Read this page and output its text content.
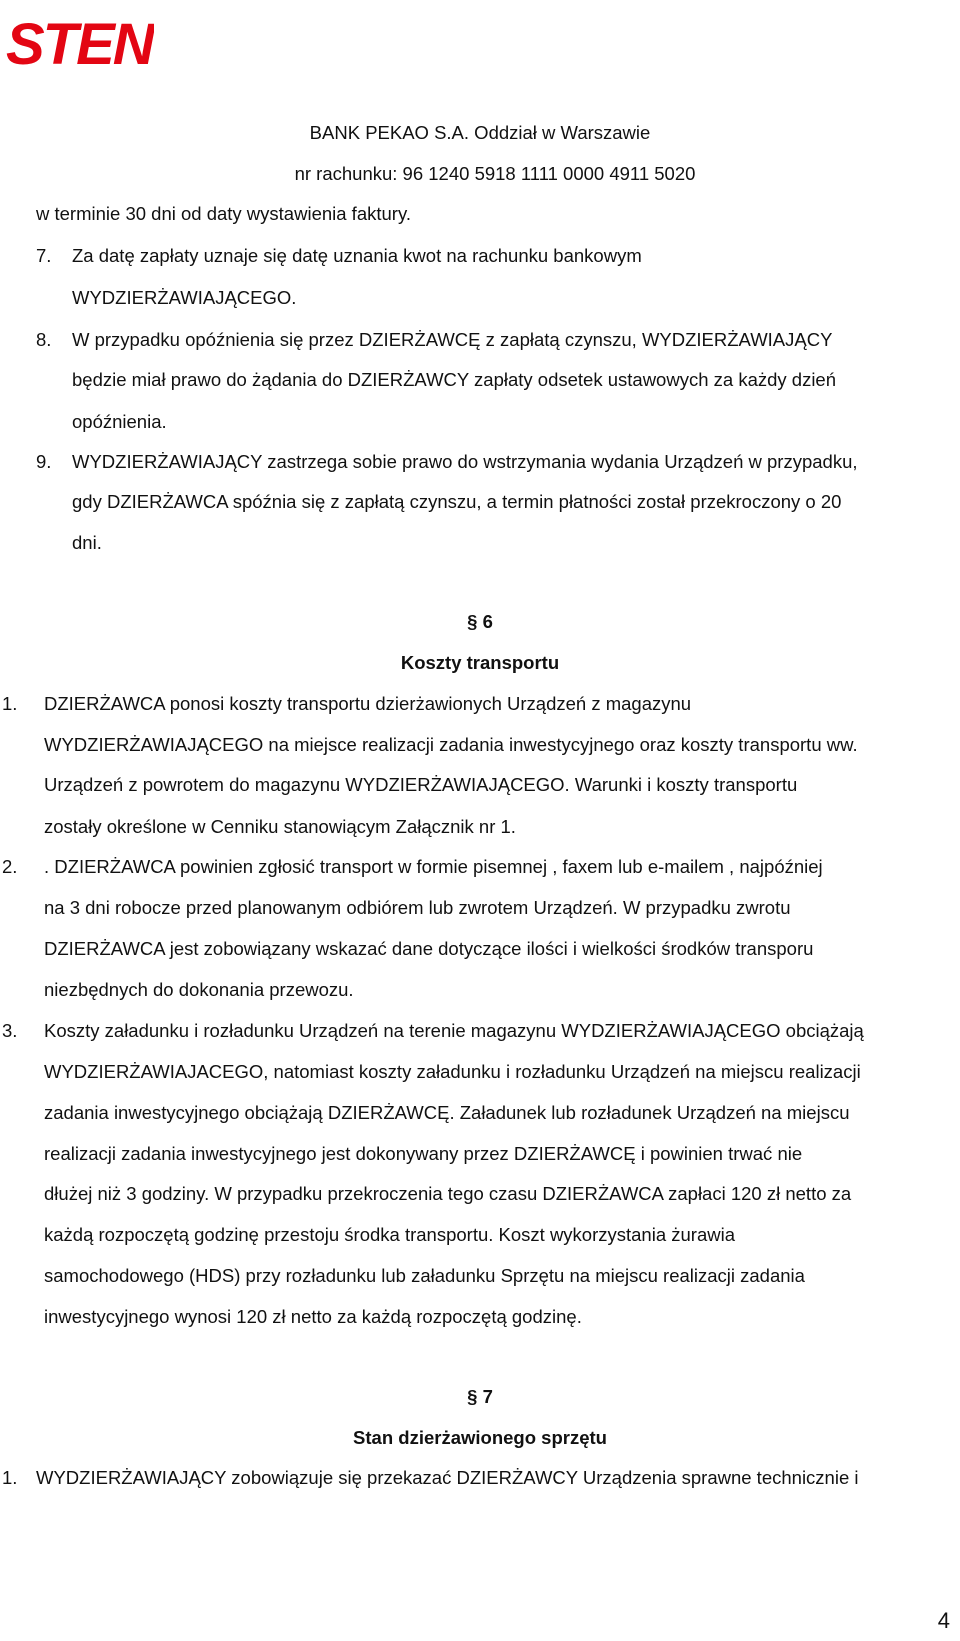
STEN
BANK PEKAO S.A. Oddział w Warszawie
nr rachunku: 96 1240 5918 1111 0000 4911 5020
w terminie 30 dni od daty wystawienia faktury.
7. Za datę zapłaty uznaje się datę uznania kwot na rachunku bankowym
WYDZIERŻAWIAJĄCEGO.
8. W przypadku opóźnienia się przez DZIERŻAWCĘ z zapłatą czynszu, WYDZIERŻAWIAJĄCY
będzie miał prawo do żądania do DZIERŻAWCY zapłaty odsetek ustawowych za każdy dzień
opóźnienia.
9. WYDZIERŻAWIAJĄCY zastrzega sobie prawo do wstrzymania wydania Urządzeń w przypadku,
gdy DZIERŻAWCA spóźnia się z zapłatą czynszu, a termin płatności został przekroczony o 20
dni.
§ 6
Koszty transportu
1. DZIERŻAWCA ponosi koszty transportu dzierżawionych Urządzeń z magazynu
WYDZIERŻAWIAJĄCEGO na miejsce realizacji zadania inwestycyjnego oraz koszty transportu ww.
Urządzeń z powrotem do magazynu WYDZIERŻAWIAJĄCEGO. Warunki i koszty transportu
zostały określone w Cenniku stanowiącym Załącznik nr 1.
2. . DZIERŻAWCA powinien zgłosić transport w formie pisemnej , faxem lub e-mailem , najpóźniej
na 3 dni robocze przed planowanym odbiórem lub zwrotem Urządzeń. W przypadku zwrotu
DZIERŻAWCA jest zobowiązany wskazać dane dotyczące ilości i wielkości środków transporu
niezbędnych do dokonania przewozu.
3. Koszty załadunku i rozładunku Urządzeń na terenie magazynu WYDZIERŻAWIAJĄCEGO obciążają
WYDZIERŻAWIAJACEGO, natomiast koszty załadunku i rozładunku Urządzeń na miejscu realizacji
zadania inwestycyjnego obciążają DZIERŻAWCĘ. Załadunek lub rozładunek Urządzeń na miejscu
realizacji zadania inwestycyjnego jest dokonywany przez DZIERŻAWCĘ i powinien trwać nie
dłużej niż 3 godziny. W przypadku przekroczenia tego czasu DZIERŻAWCA zapłaci 120 zł netto za
każdą rozpoczętą godzinę przestoju środka transportu. Koszt wykorzystania żurawia
samochodowego (HDS) przy rozładunku lub załadunku Sprzętu na miejscu realizacji zadania
inwestycyjnego wynosi 120 zł netto za każdą rozpoczętą godzinę.
§ 7
Stan dzierżawionego sprzętu
1. WYDZIERŻAWIAJĄCY zobowiązuje się przekazać DZIERŻAWCY Urządzenia sprawne technicznie i
4
